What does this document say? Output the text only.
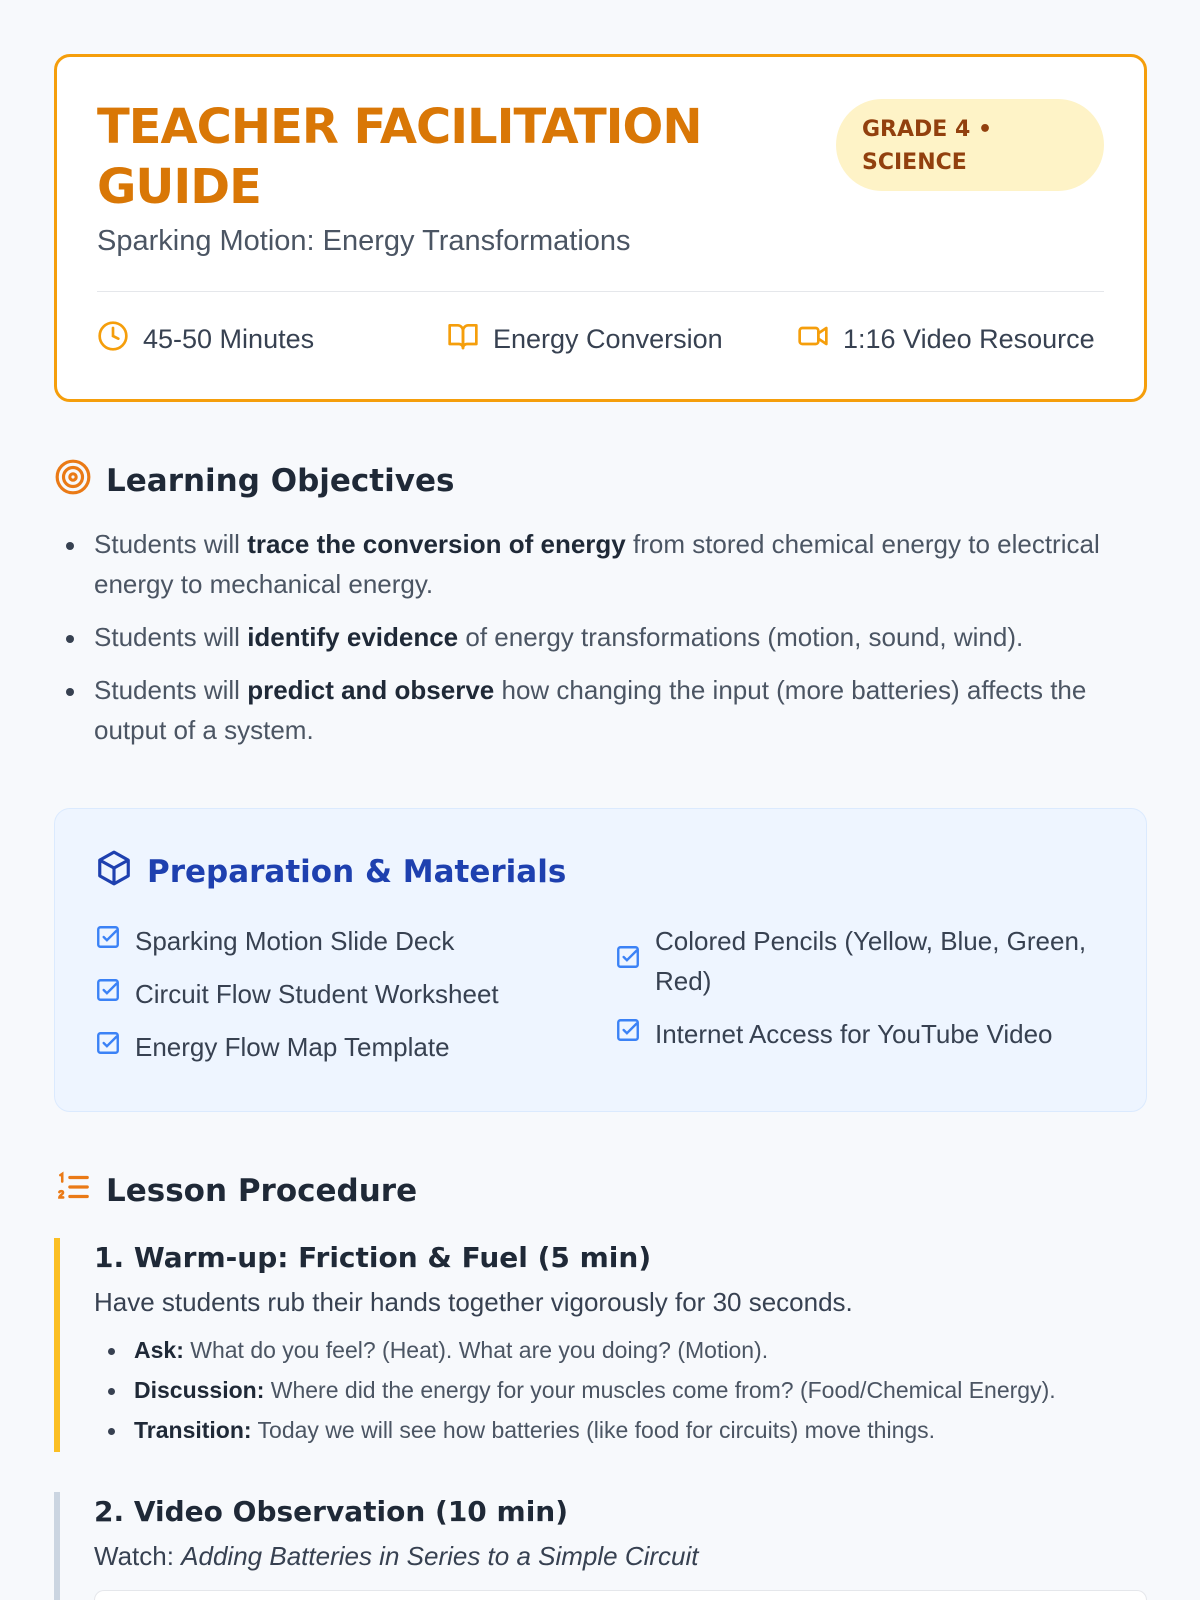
TEACHER FACILITATION GUIDE
Sparking Motion: Energy Transformations
GRADE 4 • SCIENCE
45-50 Minutes	Energy Conversion	1:16 Video Resource
Learning Objectives
Students will trace the conversion of energy from stored chemical energy to electrical energy to mechanical energy.
Students will identify evidence of energy transformations (motion, sound, wind).
Students will predict and observe how changing the input (more batteries) affects the output of a system.
Preparation & Materials
Sparking Motion Slide Deck
Circuit Flow Student Worksheet
Energy Flow Map Template
Colored Pencils (Yellow, Blue, Green, Red)
Internet Access for YouTube Video
Lesson Procedure
1. Warm-up: Friction & Fuel (5 min)
Have students rub their hands together vigorously for 30 seconds.
Ask: What do you feel? (Heat). What are you doing? (Motion).
Discussion: Where did the energy for your muscles come from? (Food/Chemical Energy).
Transition: Today we will see how batteries (like food for circuits) move things.
2. Video Observation (10 min)
Watch: Adding Batteries in Series to a Simple Circuit
